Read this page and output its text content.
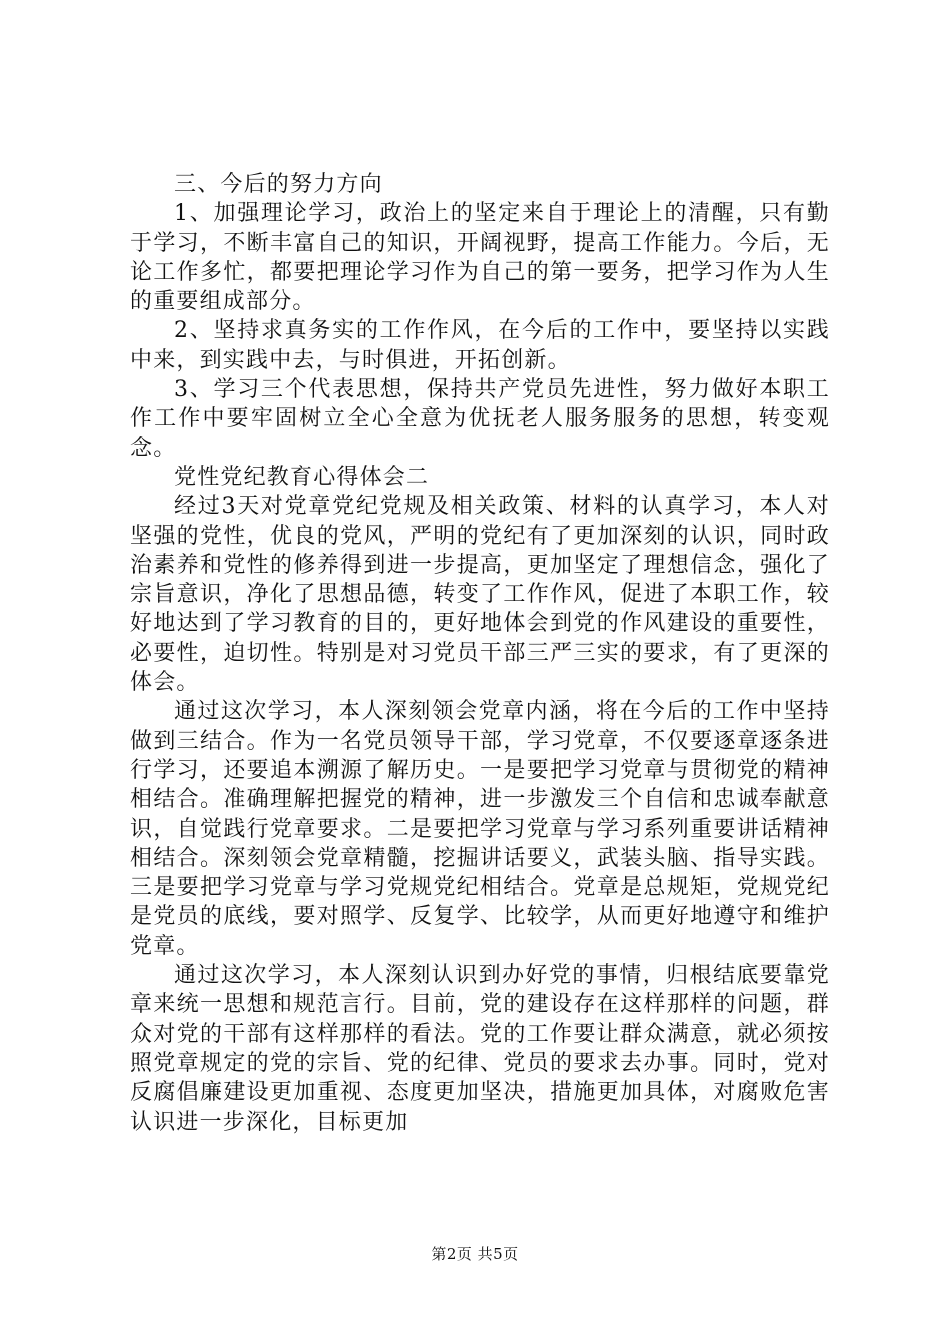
三、今后的努力方向

1、加强理论学习，政治上的坚定来自于理论上的清醒，只有勤于学习，不断丰富自己的知识，开阔视野，提高工作能力。今后，无论工作多忙，都要把理论学习作为自己的第一要务，把学习作为人生的重要组成部分。

2、坚持求真务实的工作作风，在今后的工作中，要坚持以实践中来，到实践中去，与时俱进，开拓创新。

3、学习三个代表思想，保持共产党员先进性，努力做好本职工作工作中要牢固树立全心全意为优抚老人服务服务的思想，转变观念。

党性党纪教育心得体会二

经过3天对党章党纪党规及相关政策、材料的认真学习，本人对坚强的党性，优良的党风，严明的党纪有了更加深刻的认识，同时政治素养和党性的修养得到进一步提高，更加坚定了理想信念，强化了宗旨意识，净化了思想品德，转变了工作作风，促进了本职工作，较好地达到了学习教育的目的，更好地体会到党的作风建设的重要性，必要性，迫切性。特别是对习党员干部三严三实的要求，有了更深的体会。

通过这次学习，本人深刻领会党章内涵，将在今后的工作中坚持做到三结合。作为一名党员领导干部，学习党章，不仅要逐章逐条进行学习，还要追本溯源了解历史。一是要把学习党章与贯彻党的精神相结合。准确理解把握党的精神，进一步激发三个自信和忠诚奉献意识，自觉践行党章要求。二是要把学习党章与学习系列重要讲话精神相结合。深刻领会党章精髓，挖掘讲话要义，武装头脑、指导实践。三是要把学习党章与学习党规党纪相结合。党章是总规矩，党规党纪是党员的底线，要对照学、反复学、比较学，从而更好地遵守和维护党章。

通过这次学习，本人深刻认识到办好党的事情，归根结底要靠党章来统一思想和规范言行。目前，党的建设存在这样那样的问题，群众对党的干部有这样那样的看法。党的工作要让群众满意，就必须按照党章规定的党的宗旨、党的纪律、党员的要求去办事。同时，党对反腐倡廉建设更加重视、态度更加坚决，措施更加具体，对腐败危害认识进一步深化，目标更加

第2页 共5页
